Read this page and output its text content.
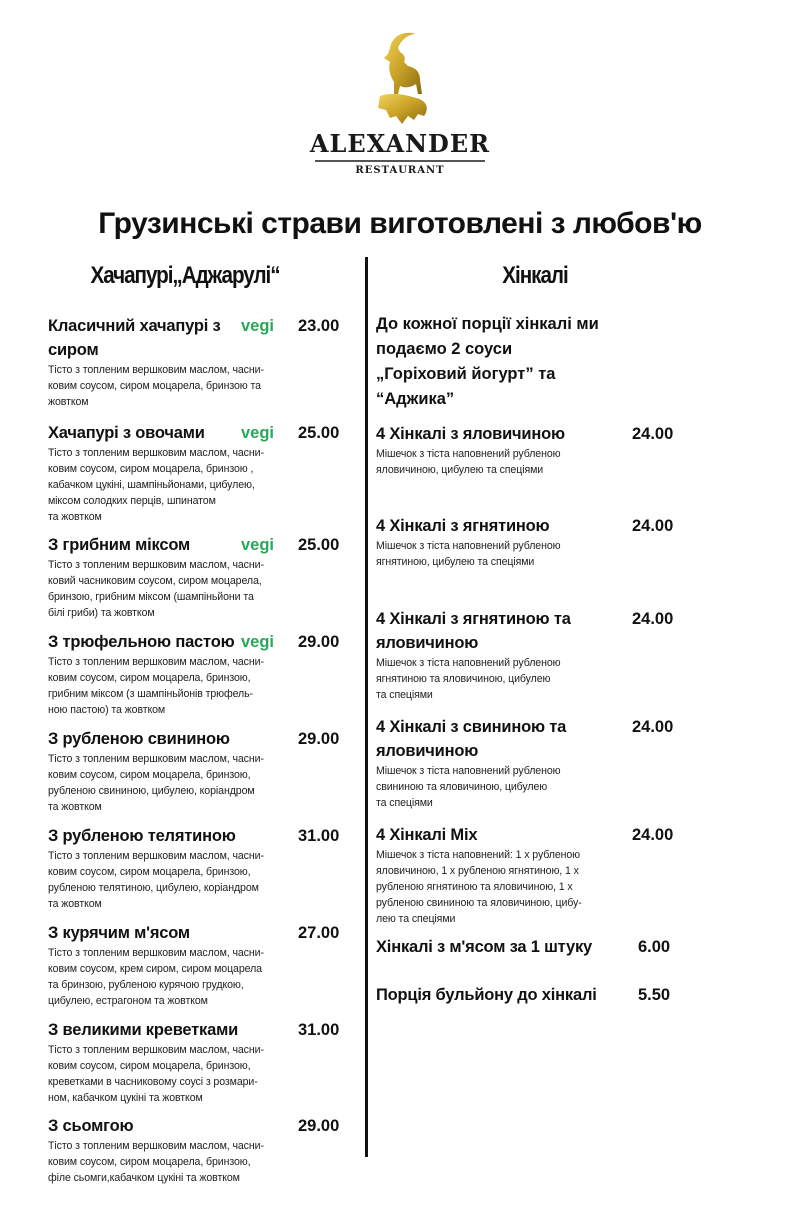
ALEXANDER
RESTAURANT
Грузинські страви виготовлені з любов'ю
Хачапурі„Аджарулі“	Хінкалі
Класичний хачапурі з сиром
vegi 23.00
Тісто з топленим вершковим маслом, часни-
ковим соусом, сиром моцарела, бринзою та
жовтком
Хачапурі з овочами	vegi 25.00
Тісто з топленим вершковим маслом, часни-
ковим соусом, сиром моцарела, бринзою ,
кабачком цукіні, шампіньйонами, цибулею,
міксом солодких перців, шпинатом
та жовтком
З грибним міксом	vegi 25.00
Тісто з топленим вершковим маслом, часни-
ковий часниковим соусом, сиром моцарела,
бринзою, грибним міксом (шампіньйони та
білі гриби) та жовтком
З трюфельною пастою vegi 29.00
Тісто з топленим вершковим маслом, часни-
ковим соусом, сиром моцарела, бринзою,
грибним міксом (з шампіньйонів трюфель-
ною пастою) та жовтком
З рубленою свининою	29.00
Тісто з топленим вершковим маслом, часни-
ковим соусом, сиром моцарела, бринзою,
рубленою свининою, цибулею, коріандром
та жовтком
З рубленою телятиною	31.00
Тісто з топленим вершковим маслом, часни-
ковим соусом, сиром моцарела, бринзою,
рубленою телятиною, цибулею, коріандром
та жовтком
З курячим м'ясом	27.00
Тісто з топленим вершковим маслом, часни-
ковим соусом, крем сиром, сиром моцарела
та бринзою, рубленою курячою грудкою,
цибулею, естрагоном та жовтком
З великими креветками	31.00
Тісто з топленим вершковим маслом, часни-
ковим соусом, сиром моцарела, бринзою,
креветками в часниковому соусі з розмари-
ном, кабачком цукіні та жовтком
З сьомгою	29.00
Тісто з топленим вершковим маслом, часни-
ковим соусом, сиром моцарела, бринзою,
філе сьомги,кабачком цукіні та жовтком
До кожної порції хінкалі ми
подаємо 2 соуси
„Горіховий йогурт” та
“Аджика”
4 Хінкалі з яловичиною	24.00
Мішечок з тіста наповнений рубленою
яловичиною, цибулею та спеціями
4 Хінкалі з ягнятиною	24.00
Мішечок з тіста наповнений рубленою
ягнятиною, цибулею та спеціями
4 Хінкалі з ягнятиною та яловичиною
24.00
Мішечок з тіста наповнений рубленою
ягнятиною та яловичиною, цибулею
та спеціями
4 Хінкалі з свининою та яловичиною
24.00
Мішечок з тіста наповнений рубленою
свининою та яловичиною, цибулею
та спеціями
4 Хінкалі Mix	24.00
Мішечок з тіста наповнений: 1 х рубленою
яловичиною, 1 х рубленою ягнятиною, 1 х
рубленою ягнятиною та яловичиною, 1 х
рубленою свининою та яловичиною, цибу-
лею та спеціями
Хінкалі з м'ясом за 1 штуку	6.00
Порція бульйону до хінкалі	5.50
